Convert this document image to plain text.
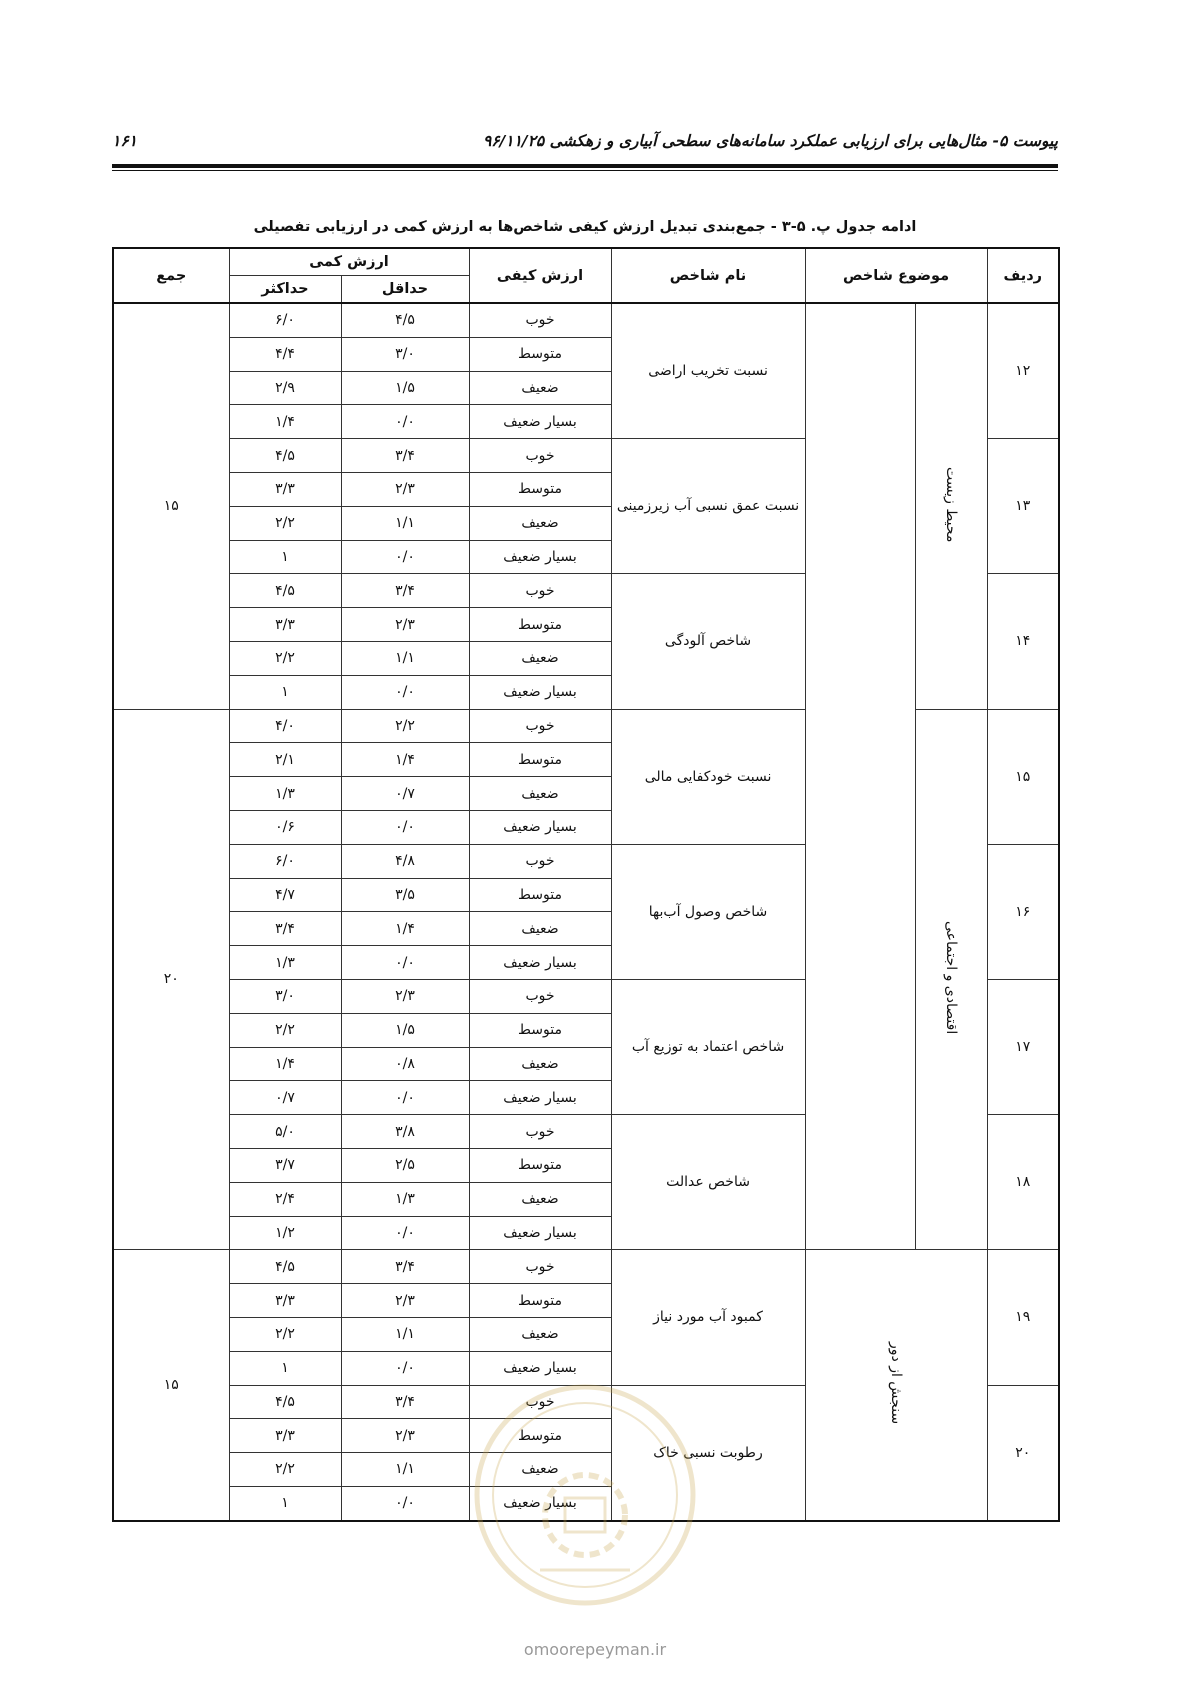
پیوست ۵- مثال‌هایی برای ارزیابی عملکرد سامانه‌های سطحی آبیاری و زهکشی ۹۶/۱۱/۲۵
۱۶۱
ادامه جدول پ. ۵-۳ - جمع‌بندی تبدیل ارزش کیفی شاخص‌ها به ارزش کمی در ارزیابی تفصیلی
ردیف	موضوع شاخص		نام شاخص	ارزش کیفی	ارزش کمی		جمع
					حداقل	حداکثر	
۱۲	محیط زیست		نسبت تخریب اراضی	خوب	۴/۵	۶/۰	۱۵
				متوسط	۳/۰	۴/۴	
				ضعیف	۱/۵	۲/۹	
				بسیار ضعیف	۰/۰	۱/۴	
۱۳			نسبت عمق نسبی آب زیرزمینی	خوب	۳/۴	۴/۵	
				متوسط	۲/۳	۳/۳	
				ضعیف	۱/۱	۲/۲	
				بسیار ضعیف	۰/۰	۱	
۱۴			شاخص آلودگی	خوب	۳/۴	۴/۵	
				متوسط	۲/۳	۳/۳	
				ضعیف	۱/۱	۲/۲	
				بسیار ضعیف	۰/۰	۱	
۱۵	اقتصادی و اجتماعی		نسبت خودکفایی مالی	خوب	۲/۲	۴/۰	۲۰
				متوسط	۱/۴	۲/۱	
				ضعیف	۰/۷	۱/۳	
				بسیار ضعیف	۰/۰	۰/۶	
۱۶			شاخص وصول آب‌بها	خوب	۴/۸	۶/۰	
				متوسط	۳/۵	۴/۷	
				ضعیف	۱/۴	۳/۴	
				بسیار ضعیف	۰/۰	۱/۳	
۱۷			شاخص اعتماد به توزیع آب	خوب	۲/۳	۳/۰	
				متوسط	۱/۵	۲/۲	
				ضعیف	۰/۸	۱/۴	
				بسیار ضعیف	۰/۰	۰/۷	
۱۸			شاخص عدالت	خوب	۳/۸	۵/۰	
				متوسط	۲/۵	۳/۷	
				ضعیف	۱/۳	۲/۴	
				بسیار ضعیف	۰/۰	۱/۲	
۱۹	سنجش از دور		کمبود آب مورد نیاز	خوب	۳/۴	۴/۵	۱۵
				متوسط	۲/۳	۳/۳	
				ضعیف	۱/۱	۲/۲	
				بسیار ضعیف	۰/۰	۱	
۲۰			رطوبت نسبی خاک	خوب	۳/۴	۴/۵	
				متوسط	۲/۳	۳/۳	
				ضعیف	۱/۱	۲/۲	
				بسیار ضعیف	۰/۰	۱	
omoorepeyman.ir
